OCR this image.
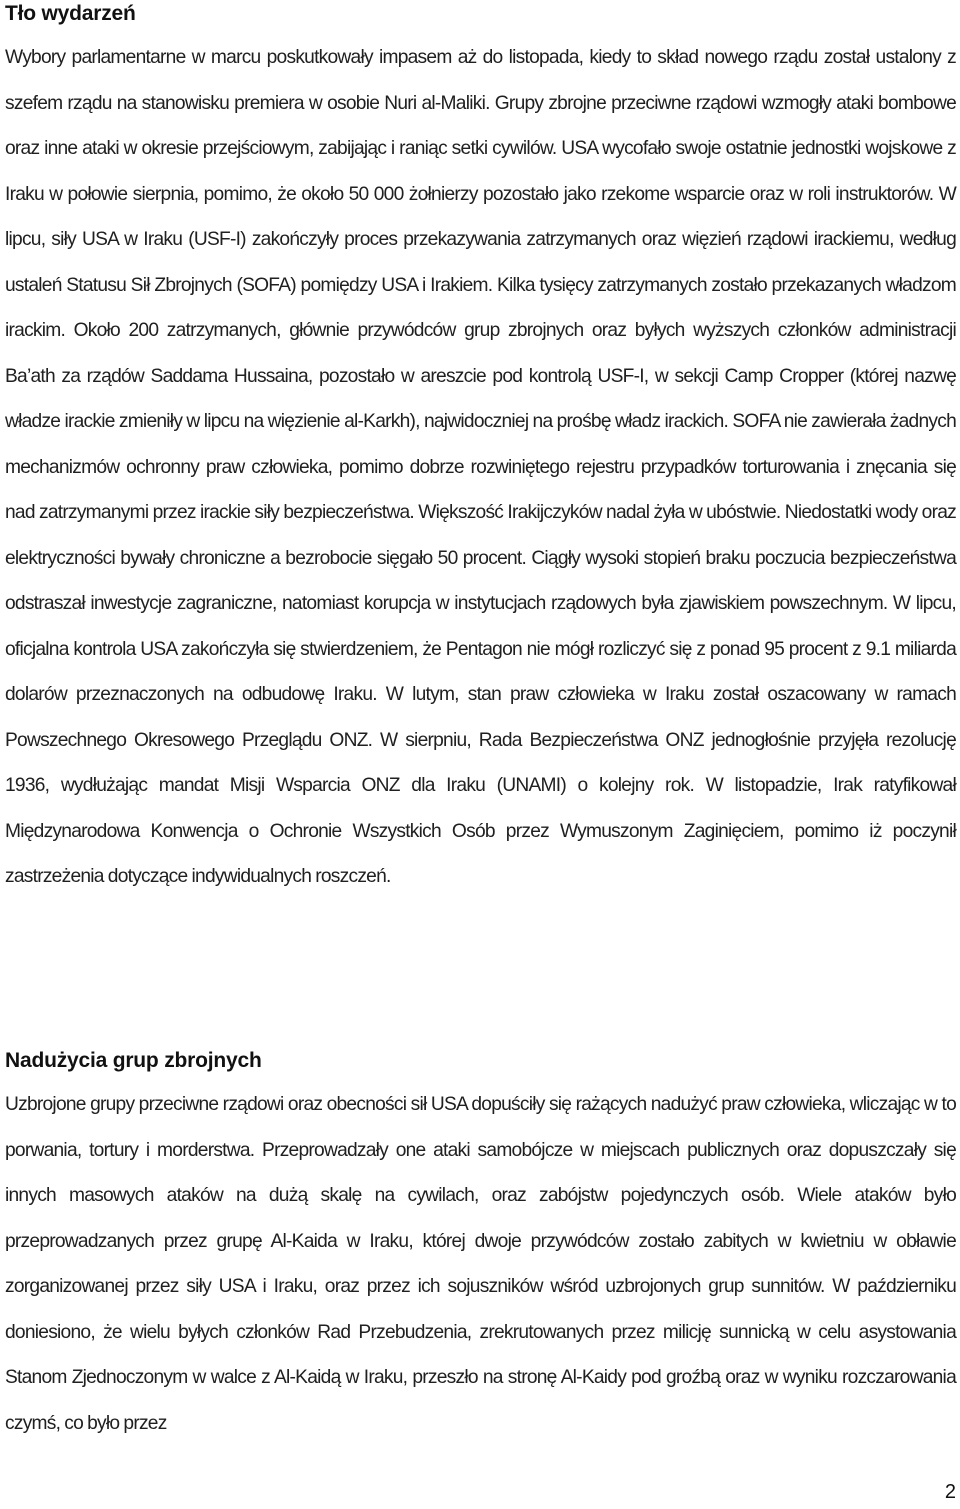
Tło wydarzeń

Wybory parlamentarne w marcu poskutkowały impasem aż do listopada, kiedy to skład nowego rządu został ustalony z szefem rządu na stanowisku premiera w osobie Nuri al-Maliki. Grupy zbrojne przeciwne rządowi wzmogły ataki bombowe oraz inne ataki w okresie przejściowym, zabijając i raniąc setki cywilów. USA wycofało swoje ostatnie jednostki wojskowe z Iraku w połowie sierpnia, pomimo, że około 50 000 żołnierzy pozostało jako rzekome wsparcie oraz w roli instruktorów. W lipcu, siły USA w Iraku (USF-I) zakończyły proces przekazywania zatrzymanych oraz więzień rządowi irackiemu, według ustaleń Statusu Sił Zbrojnych (SOFA) pomiędzy USA i Irakiem. Kilka tysięcy zatrzymanych zostało przekazanych władzom irackim. Około 200 zatrzymanych, głównie przywódców grup zbrojnych oraz byłych wyższych członków administracji Ba’ath za rządów Saddama Hussaina, pozostało w areszcie pod kontrolą USF-I, w sekcji Camp Cropper (której nazwę władze irackie zmieniły w lipcu na więzienie al-Karkh), najwidoczniej na prośbę władz irackich. SOFA nie zawierała żadnych mechanizmów ochronny praw człowieka, pomimo dobrze rozwiniętego rejestru przypadków torturowania i znęcania się nad zatrzymanymi przez irackie siły bezpieczeństwa. Większość Irakijczyków nadal żyła w ubóstwie. Niedostatki wody oraz elektryczności bywały chroniczne a bezrobocie sięgało 50 procent. Ciągły wysoki stopień braku poczucia bezpieczeństwa odstraszał inwestycje zagraniczne, natomiast korupcja w instytucjach rządowych była zjawiskiem powszechnym. W lipcu, oficjalna kontrola USA zakończyła się stwierdzeniem, że Pentagon nie mógł rozliczyć się z ponad 95 procent z 9.1 miliarda dolarów przeznaczonych na odbudowę Iraku. W lutym, stan praw człowieka w Iraku został oszacowany w ramach Powszechnego Okresowego Przeglądu ONZ. W sierpniu, Rada Bezpieczeństwa ONZ jednogłośnie przyjęła rezolucję 1936, wydłużając mandat Misji Wsparcia ONZ dla Iraku (UNAMI) o kolejny rok. W listopadzie, Irak ratyfikował Międzynarodowa Konwencja o Ochronie Wszystkich Osób przez Wymuszonym Zaginięciem, pomimo iż poczynił zastrzeżenia dotyczące indywidualnych roszczeń.

Nadużycia grup zbrojnych

Uzbrojone grupy przeciwne rządowi oraz obecności sił USA dopuściły się rażących nadużyć praw człowieka, wliczając w to porwania, tortury i morderstwa. Przeprowadzały one ataki samobójcze w miejscach publicznych oraz dopuszczały się innych masowych ataków na dużą skalę na cywilach, oraz zabójstw pojedynczych osób. Wiele ataków było przeprowadzanych przez grupę Al-Kaida w Iraku, której dwoje przywódców zostało zabitych w kwietniu w obławie zorganizowanej przez siły USA i Iraku, oraz przez ich sojuszników wśród uzbrojonych grup sunnitów. W październiku doniesiono, że wielu byłych członków Rad Przebudzenia, zrekrutowanych przez milicję sunnicką w celu asystowania Stanom Zjednoczonym w walce z Al-Kaidą w Iraku, przeszło na stronę Al-Kaidy pod groźbą oraz w wyniku rozczarowania czymś, co było przez

2
